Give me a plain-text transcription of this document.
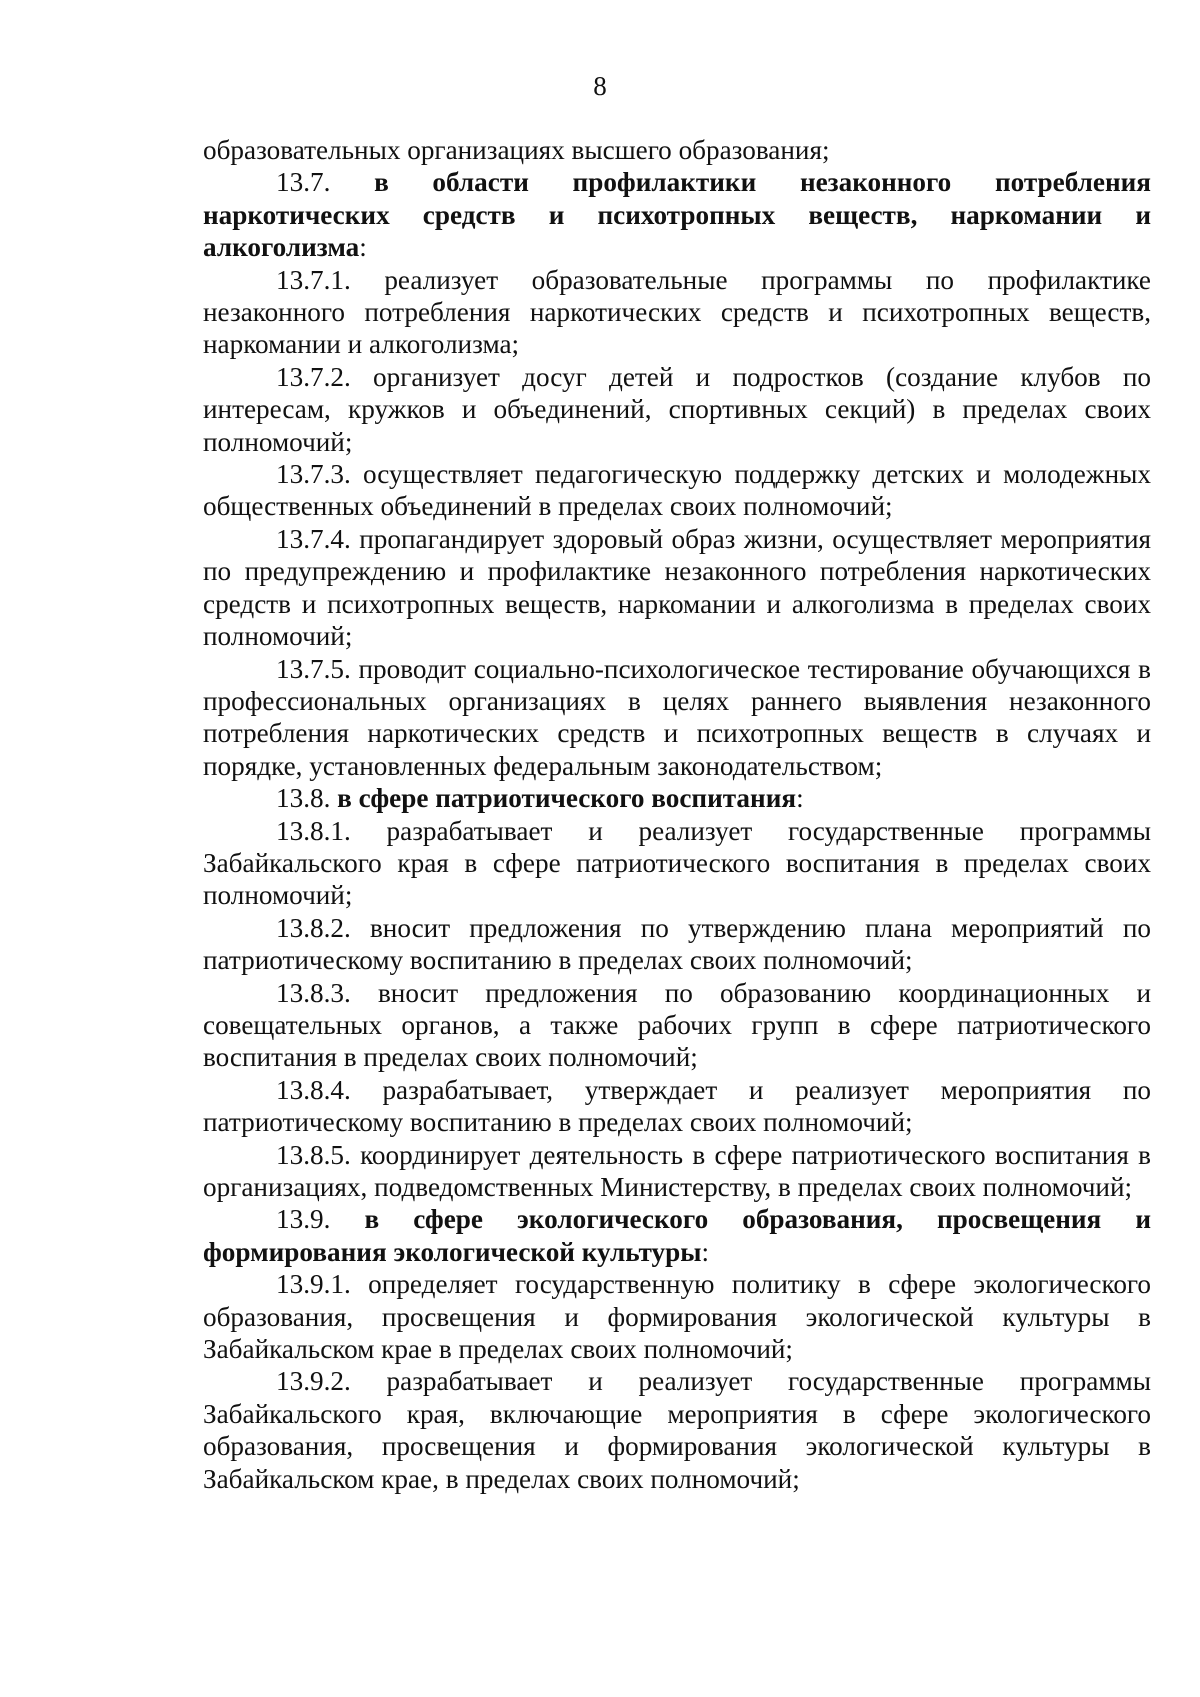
8

образовательных организациях высшего образования;

13.7. в области профилактики незаконного потребления наркотических средств и психотропных веществ, наркомании и алкоголизма:

13.7.1. реализует образовательные программы по профилактике незаконного потребления наркотических средств и психотропных веществ, наркомании и алкоголизма;

13.7.2. организует досуг детей и подростков (создание клубов по интересам, кружков и объединений, спортивных секций) в пределах своих полномочий;

13.7.3. осуществляет педагогическую поддержку детских и молодежных общественных объединений в пределах своих полномочий;

13.7.4. пропагандирует здоровый образ жизни, осуществляет мероприятия по предупреждению и профилактике незаконного потребления наркотических средств и психотропных веществ, наркомании и алкоголизма в пределах своих полномочий;

13.7.5. проводит социально-психологическое тестирование обучающихся в профессиональных организациях в целях раннего выявления незаконного потребления наркотических средств и психотропных веществ в случаях и порядке, установленных федеральным законодательством;

13.8. в сфере патриотического воспитания:

13.8.1. разрабатывает и реализует государственные программы Забайкальского края в сфере патриотического воспитания в пределах своих полномочий;

13.8.2. вносит предложения по утверждению плана мероприятий по патриотическому воспитанию в пределах своих полномочий;

13.8.3. вносит предложения по образованию координационных и совещательных органов, а также рабочих групп в сфере патриотического воспитания в пределах своих полномочий;

13.8.4. разрабатывает, утверждает и реализует мероприятия по патриотическому воспитанию в пределах своих полномочий;

13.8.5. координирует деятельность в сфере патриотического воспитания в организациях, подведомственных Министерству, в пределах своих полномочий;

13.9. в сфере экологического образования, просвещения и формирования экологической культуры:

13.9.1. определяет государственную политику в сфере экологического образования, просвещения и формирования экологической культуры в Забайкальском крае в пределах своих полномочий;

13.9.2. разрабатывает и реализует государственные программы Забайкальского края, включающие мероприятия в сфере экологического образования, просвещения и формирования экологической культуры в Забайкальском крае, в пределах своих полномочий;
